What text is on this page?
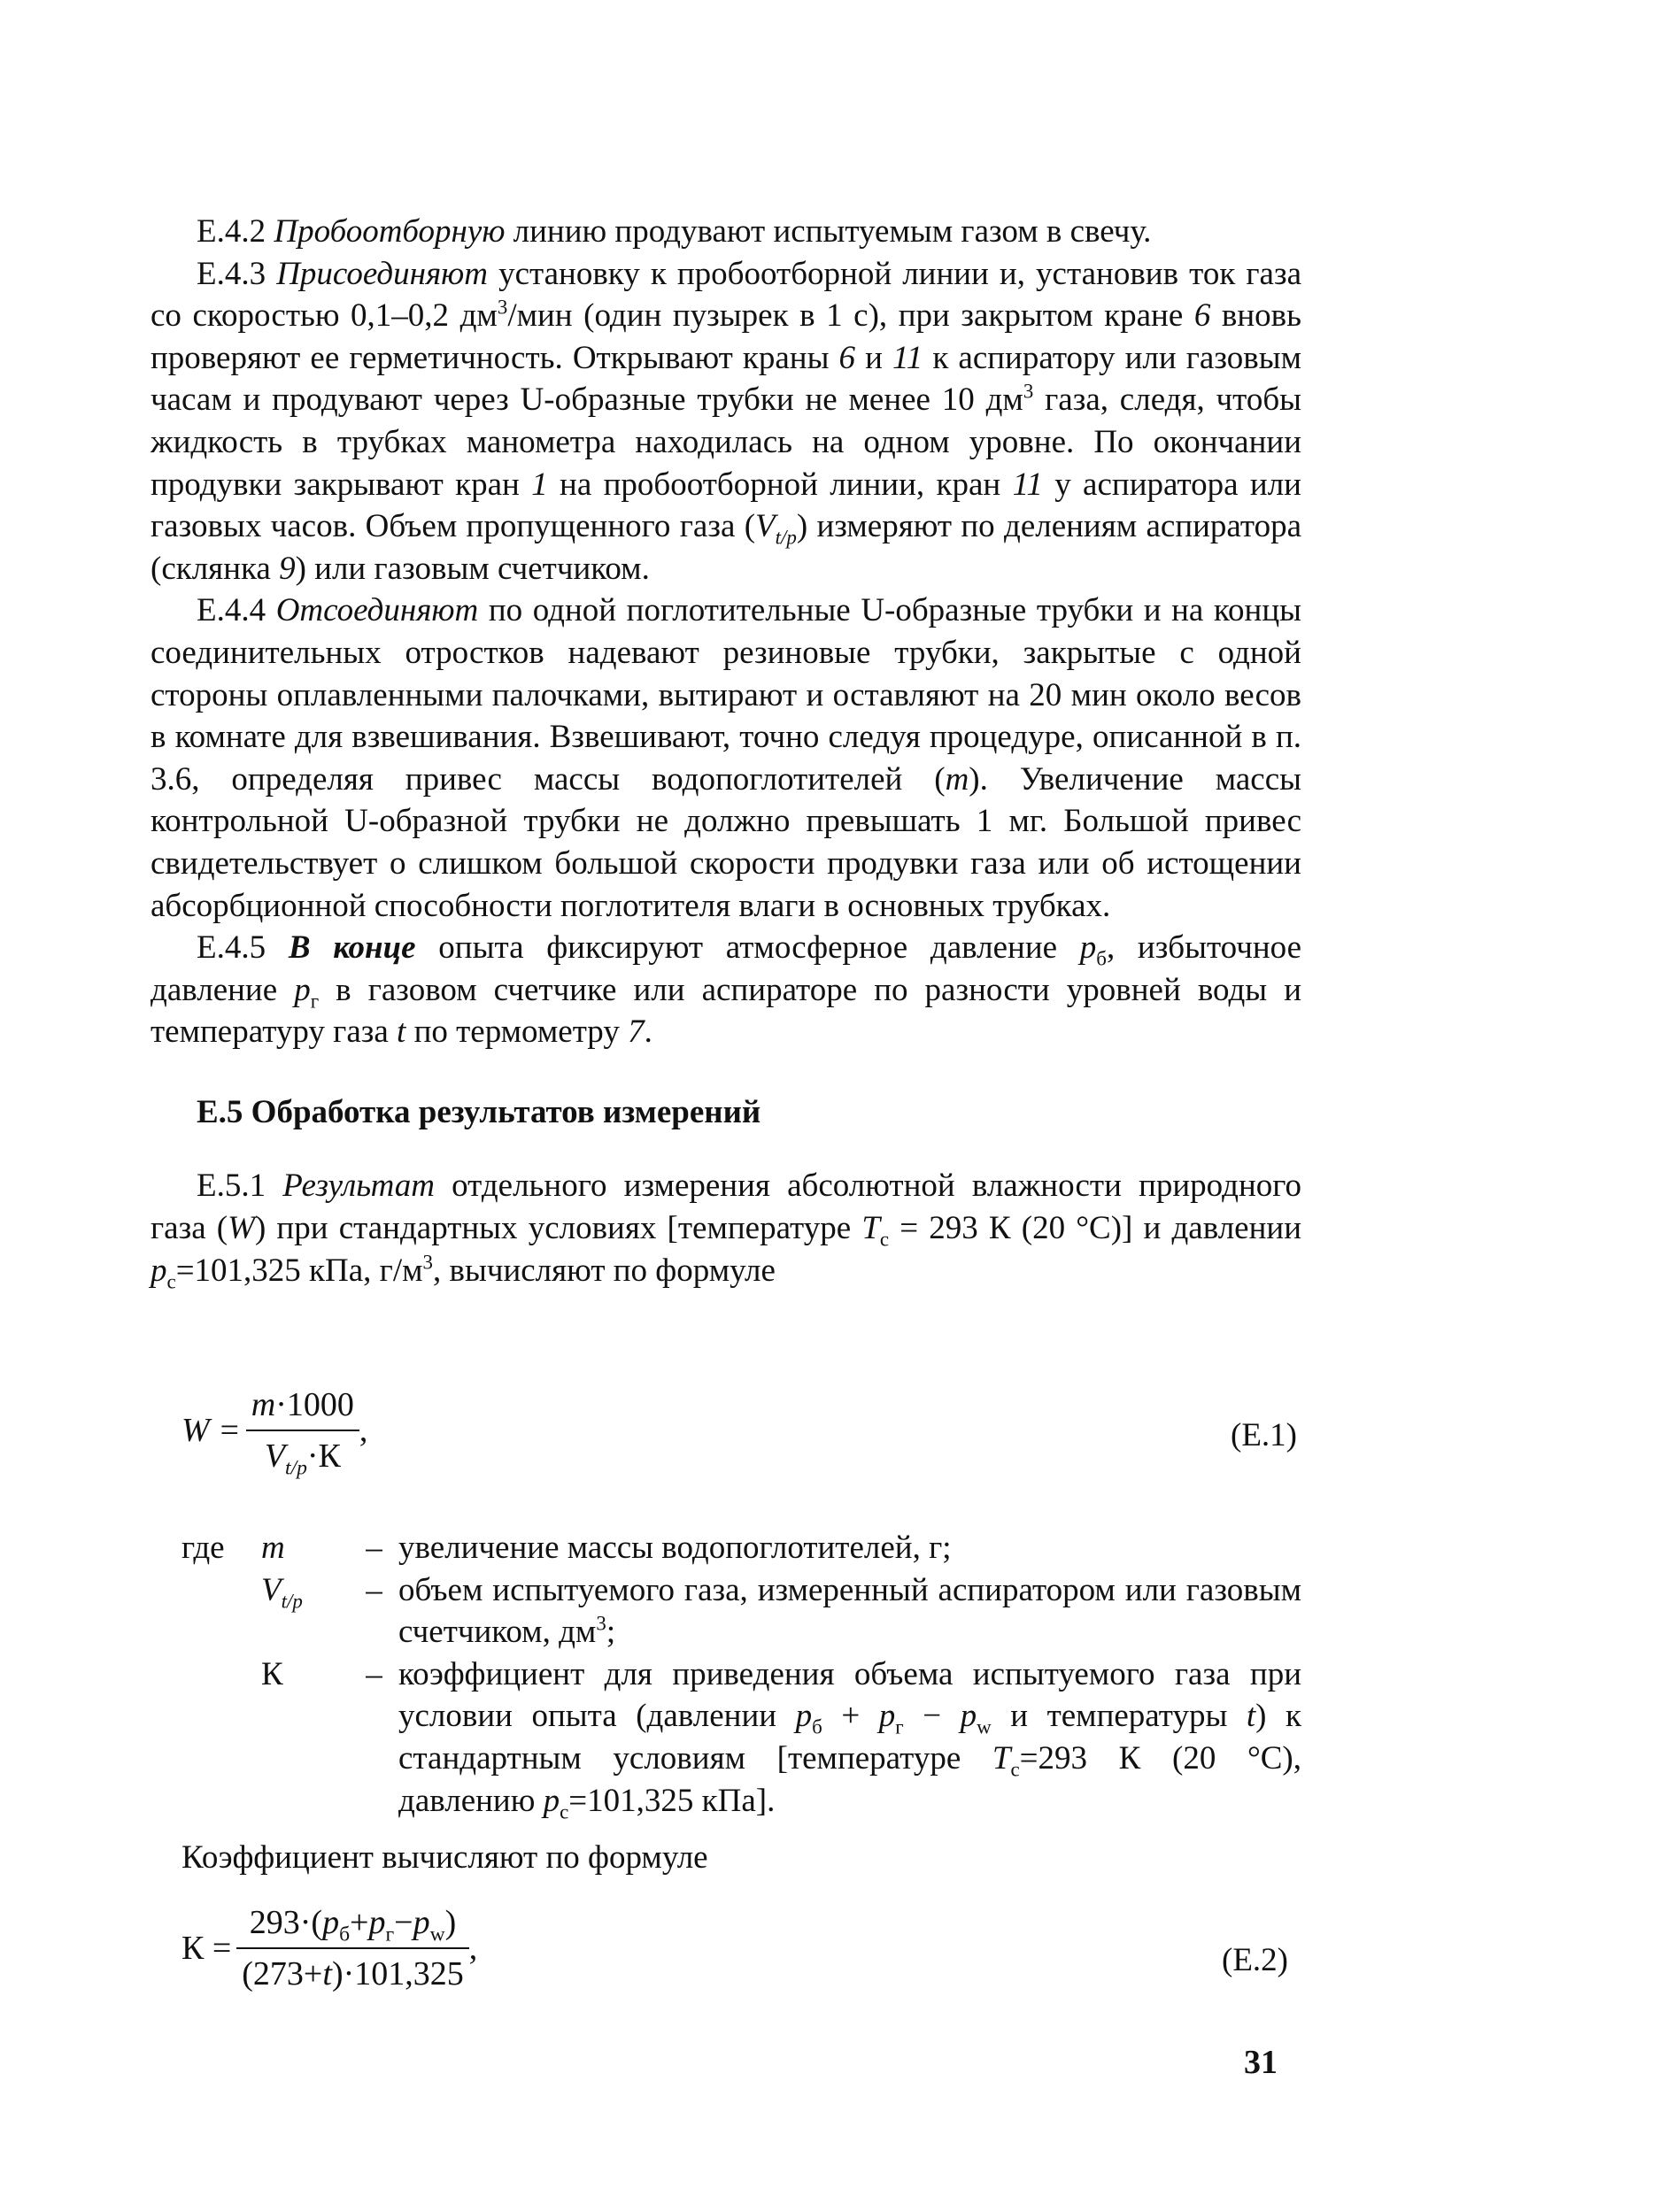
Е.4.2 Пробоотборную линию продувают испытуемым газом в свечу.

Е.4.3 Присоединяют установку к пробоотборной линии и, установив ток газа со скоростью 0,1–0,2 $дм^3$/мин (один пузырек в 1 с), при закрытом кране 6 вновь проверяют ее герметичность. Открывают краны 6 и 11 к аспиратору или газовым часам и продувают через U-образные трубки не менее 10 $дм^3$ газа, следя, чтобы жидкость в трубках манометра находилась на одном уровне. По окончании продувки закрывают кран 1 на пробоотборной линии, кран 11 у аспиратора или газовых часов. Объем пропущенного газа $(V_{t/p})$ измеряют по делениям аспиратора (склянка 9) или газовым счетчиком.

Е.4.4 Отсоединяют по одной поглотительные U-образные трубки и на концы соединительных отростков надевают резиновые трубки, закрытые с одной стороны оплавленными палочками, вытирают и оставляют на 20 мин около весов в комнате для взвешивания. Взвешивают, точно следуя процедуре, описанной в п. 3.6, определяя привес массы водопоглотителей (m). Увеличение массы контрольной U-образной трубки не должно превышать 1 мг. Большой привес свидетельствует о слишком большой скорости продувки газа или об истощении абсорбционной способности поглотителя влаги в основных трубках.

Е.4.5 В конце опыта фиксируют атмосферное давление $p_б$, избыточное давление $p_г$ в газовом счетчике или аспираторе по разности уровней воды и температуру газа t по термометру 7.

Е.5 Обработка результатов измерений

Е.5.1 Результат отдельного измерения абсолютной влажности природного газа (W) при стандартных условиях [температуре $T_с = 293$ К (20 °С)] и давлении $p_с=101,325$ кПа, $г/м^3$, вычисляют по формуле

$W = \frac{m\cdot 1000}{V_{t/p}\cdot К}$ ,	(Е.1)
где	m	– увеличение массы водопоглотителей, г;
$V_{t/p}$	– объем испытуемого газа, измеренный аспиратором или газовым счетчиком, $дм^3$;
К	– коэффициент для приведения объема испытуемого газа при условии опыта (давлении $p_б + p_г - p_w$ и температуры t) к стандартным условиям [температуре $T_с=293$ К (20 °С), давлению $p_с=101,325$ кПа].

Коэффициент вычисляют по формуле

$К = \frac{293\cdot(p_б+p_г-p_w)}{(273+t)\cdot 101,325}$ ,	(Е.2)
31
